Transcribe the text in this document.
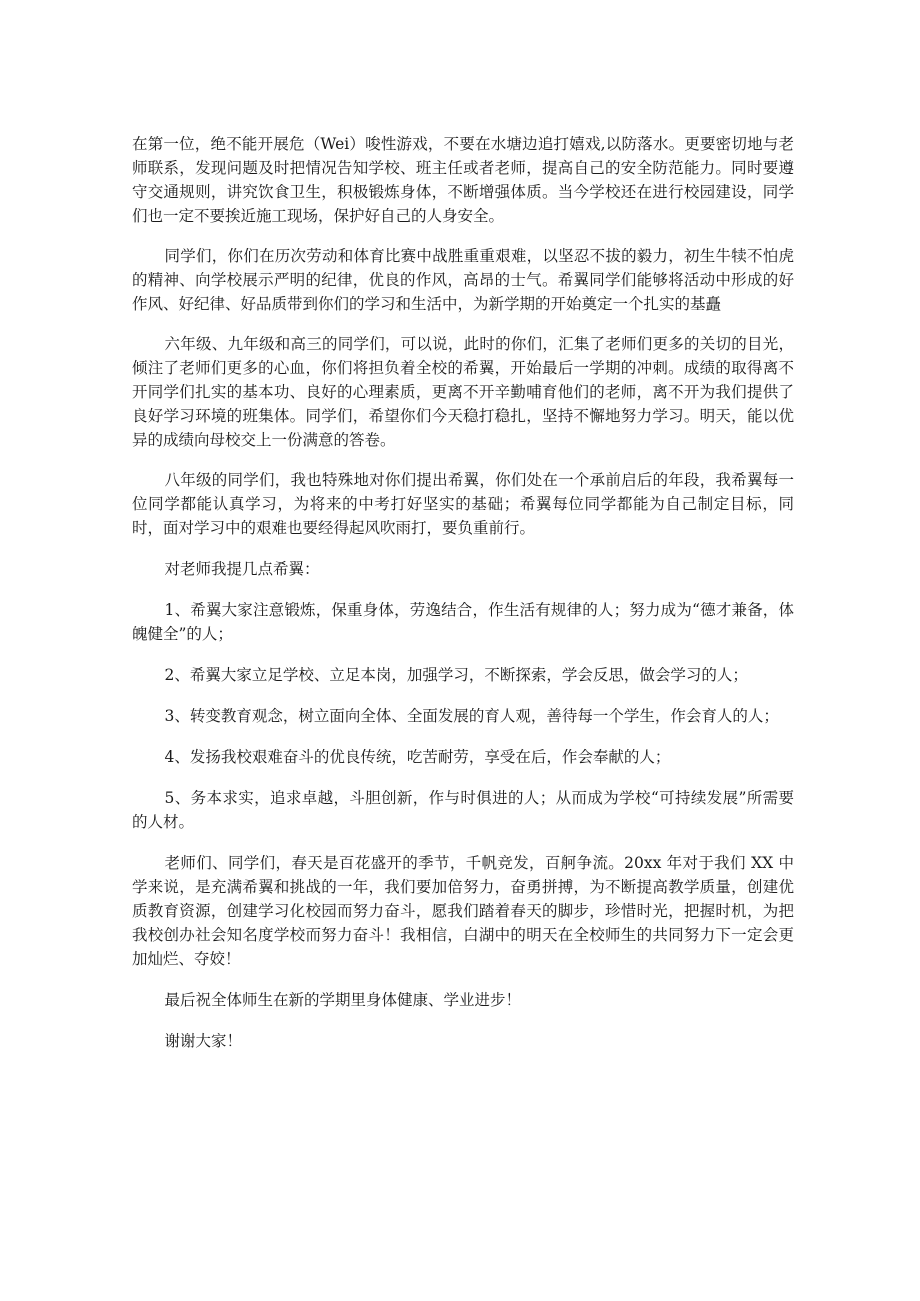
在第一位，绝不能开展危（Wei）唆性游戏，不要在水塘边追打嬉戏,以防落水。更要密切地与老师联系，发现问题及时把情况告知学校、班主任或者老师，提高自己的安全防范能力。同时要遵守交通规则，讲究饮食卫生，积极锻炼身体，不断增强体质。当今学校还在进行校园建设，同学们也一定不要挨近施工现场，保护好自己的人身安全。

同学们，你们在历次劳动和体育比赛中战胜重重艰难，以坚忍不拔的毅力，初生牛犊不怕虎的精神、向学校展示严明的纪律，优良的作风，高昂的士气。希翼同学们能够将活动中形成的好作风、好纪律、好品质带到你们的学习和生活中，为新学期的开始奠定一个扎实的基矗

六年级、九年级和高三的同学们，可以说，此时的你们，汇集了老师们更多的关切的目光，倾注了老师们更多的心血，你们将担负着全校的希翼，开始最后一学期的冲刺。成绩的取得离不开同学们扎实的基本功、良好的心理素质，更离不开辛勤哺育他们的老师，离不开为我们提供了良好学习环境的班集体。同学们，希望你们今天稳打稳扎，坚持不懈地努力学习。明天，能以优异的成绩向母校交上一份满意的答卷。

八年级的同学们，我也特殊地对你们提出希翼，你们处在一个承前启后的年段，我希翼每一位同学都能认真学习，为将来的中考打好坚实的基础；希翼每位同学都能为自己制定目标，同时，面对学习中的艰难也要经得起风吹雨打，要负重前行。

对老师我提几点希翼：

1、希翼大家注意锻炼，保重身体，劳逸结合，作生活有规律的人；努力成为“德才兼备，体魄健全”的人；

2、希翼大家立足学校、立足本岗，加强学习，不断探索，学会反思，做会学习的人；

3、转变教育观念，树立面向全体、全面发展的育人观，善待每一个学生，作会育人的人；

4、发扬我校艰难奋斗的优良传统，吃苦耐劳，享受在后，作会奉献的人；

5、务本求实，追求卓越，斗胆创新，作与时俱进的人；从而成为学校“可持续发展”所需要的人材。

老师们、同学们，春天是百花盛开的季节，千帆竞发，百舸争流。20xx 年对于我们 XX 中学来说，是充满希翼和挑战的一年，我们要加倍努力，奋勇拼搏，为不断提高教学质量，创建优质教育资源，创建学习化校园而努力奋斗，愿我们踏着春天的脚步，珍惜时光，把握时机，为把我校创办社会知名度学校而努力奋斗！我相信，白湖中的明天在全校师生的共同努力下一定会更加灿烂、夺姣！

最后祝全体师生在新的学期里身体健康、学业进步！

谢谢大家！
